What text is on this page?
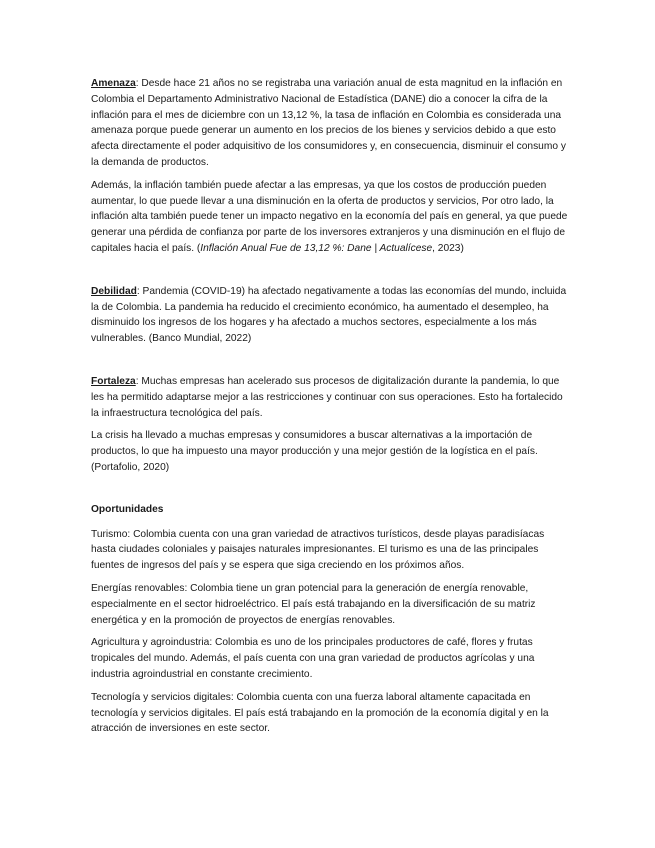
Amenaza: Desde hace 21 años no se registraba una variación anual de esta magnitud en la inflación en Colombia el Departamento Administrativo Nacional de Estadística (DANE) dio a conocer la cifra de la inflación para el mes de diciembre con un 13,12 %, la tasa de inflación en Colombia es considerada una amenaza porque puede generar un aumento en los precios de los bienes y servicios debido a que esto afecta directamente el poder adquisitivo de los consumidores y, en consecuencia, disminuir el consumo y la demanda de productos.

Además, la inflación también puede afectar a las empresas, ya que los costos de producción pueden aumentar, lo que puede llevar a una disminución en la oferta de productos y servicios, Por otro lado, la inflación alta también puede tener un impacto negativo en la economía del país en general, ya que puede generar una pérdida de confianza por parte de los inversores extranjeros y una disminución en el flujo de capitales hacia el país. (Inflación Anual Fue de 13,12 %: Dane | Actualícese, 2023)

Debilidad: Pandemia (COVID-19) ha afectado negativamente a todas las economías del mundo, incluida la de Colombia. La pandemia ha reducido el crecimiento económico, ha aumentado el desempleo, ha disminuido los ingresos de los hogares y ha afectado a muchos sectores, especialmente a los más vulnerables. (Banco Mundial, 2022)

Fortaleza: Muchas empresas han acelerado sus procesos de digitalización durante la pandemia, lo que les ha permitido adaptarse mejor a las restricciones y continuar con sus operaciones. Esto ha fortalecido la infraestructura tecnológica del país.

La crisis ha llevado a muchas empresas y consumidores a buscar alternativas a la importación de productos, lo que ha impuesto una mayor producción y una mejor gestión de la logística en el país. (Portafolio, 2020)

Oportunidades

Turismo: Colombia cuenta con una gran variedad de atractivos turísticos, desde playas paradisíacas hasta ciudades coloniales y paisajes naturales impresionantes. El turismo es una de las principales fuentes de ingresos del país y se espera que siga creciendo en los próximos años.

Energías renovables: Colombia tiene un gran potencial para la generación de energía renovable, especialmente en el sector hidroeléctrico. El país está trabajando en la diversificación de su matriz energética y en la promoción de proyectos de energías renovables.

Agricultura y agroindustria: Colombia es uno de los principales productores de café, flores y frutas tropicales del mundo. Además, el país cuenta con una gran variedad de productos agrícolas y una industria agroindustrial en constante crecimiento.

Tecnología y servicios digitales: Colombia cuenta con una fuerza laboral altamente capacitada en tecnología y servicios digitales. El país está trabajando en la promoción de la economía digital y en la atracción de inversiones en este sector.
